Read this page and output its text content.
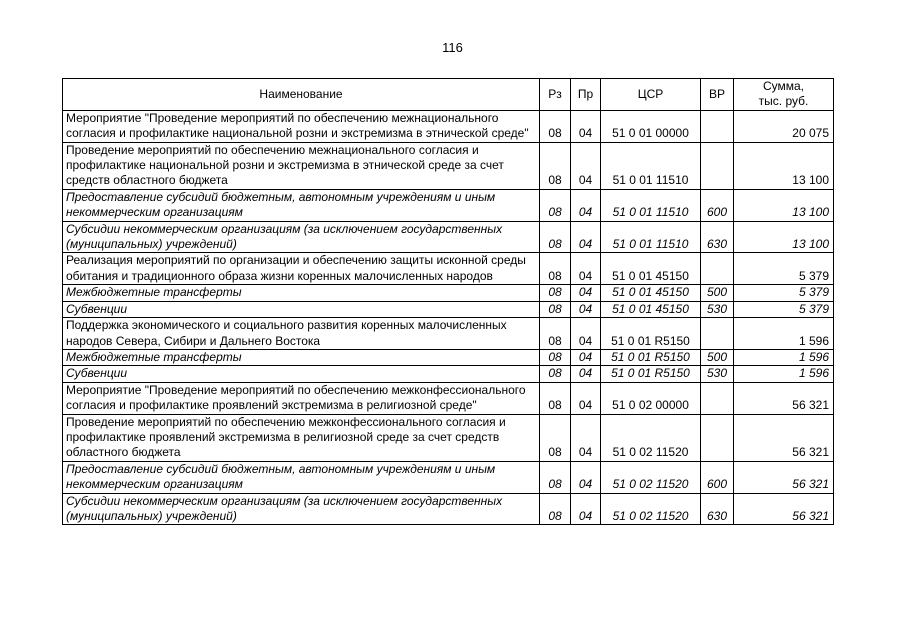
116
Наименование	Рз	Пр	ЦСР	ВР	Сумма,
тыс. руб.

Мероприятие "Проведение мероприятий по обеспечению межнационального согласия и профилактике национальной розни и экстремизма в этнической среде"	08	04	51 0 01 00000		20 075
Проведение мероприятий по обеспечению межнационального согласия и профилактике национальной розни и экстремизма в этнической среде за счет средств областного бюджета	08	04	51 0 01 11510		13 100
Предоставление субсидий бюджетным, автономным учреждениям и иным некоммерческим организациям	08	04	51 0 01 11510	600	13 100
Субсидии некоммерческим организациям (за исключением государственных (муниципальных) учреждений)	08	04	51 0 01 11510	630	13 100
Реализация мероприятий по организации и обеспечению защиты исконной среды обитания и традиционного образа жизни коренных малочисленных народов	08	04	51 0 01 45150		5 379
Межбюджетные трансферты	08	04	51 0 01 45150	500	5 379
Субвенции	08	04	51 0 01 45150	530	5 379
Поддержка экономического и социального развития коренных малочисленных народов Севера, Сибири и Дальнего Востока	08	04	51 0 01 R5150		1 596
Межбюджетные трансферты	08	04	51 0 01 R5150	500	1 596
Субвенции	08	04	51 0 01 R5150	530	1 596
Мероприятие "Проведение мероприятий по обеспечению межконфессионального согласия и профилактике проявлений экстремизма в религиозной среде"	08	04	51 0 02 00000		56 321
Проведение мероприятий по обеспечению межконфессионального согласия и профилактике проявлений экстремизма в религиозной среде за счет средств областного бюджета	08	04	51 0 02 11520		56 321
Предоставление субсидий бюджетным, автономным учреждениям и иным некоммерческим организациям	08	04	51 0 02 11520	600	56 321
Субсидии некоммерческим организациям (за исключением государственных (муниципальных) учреждений)	08	04	51 0 02 11520	630	56 321
